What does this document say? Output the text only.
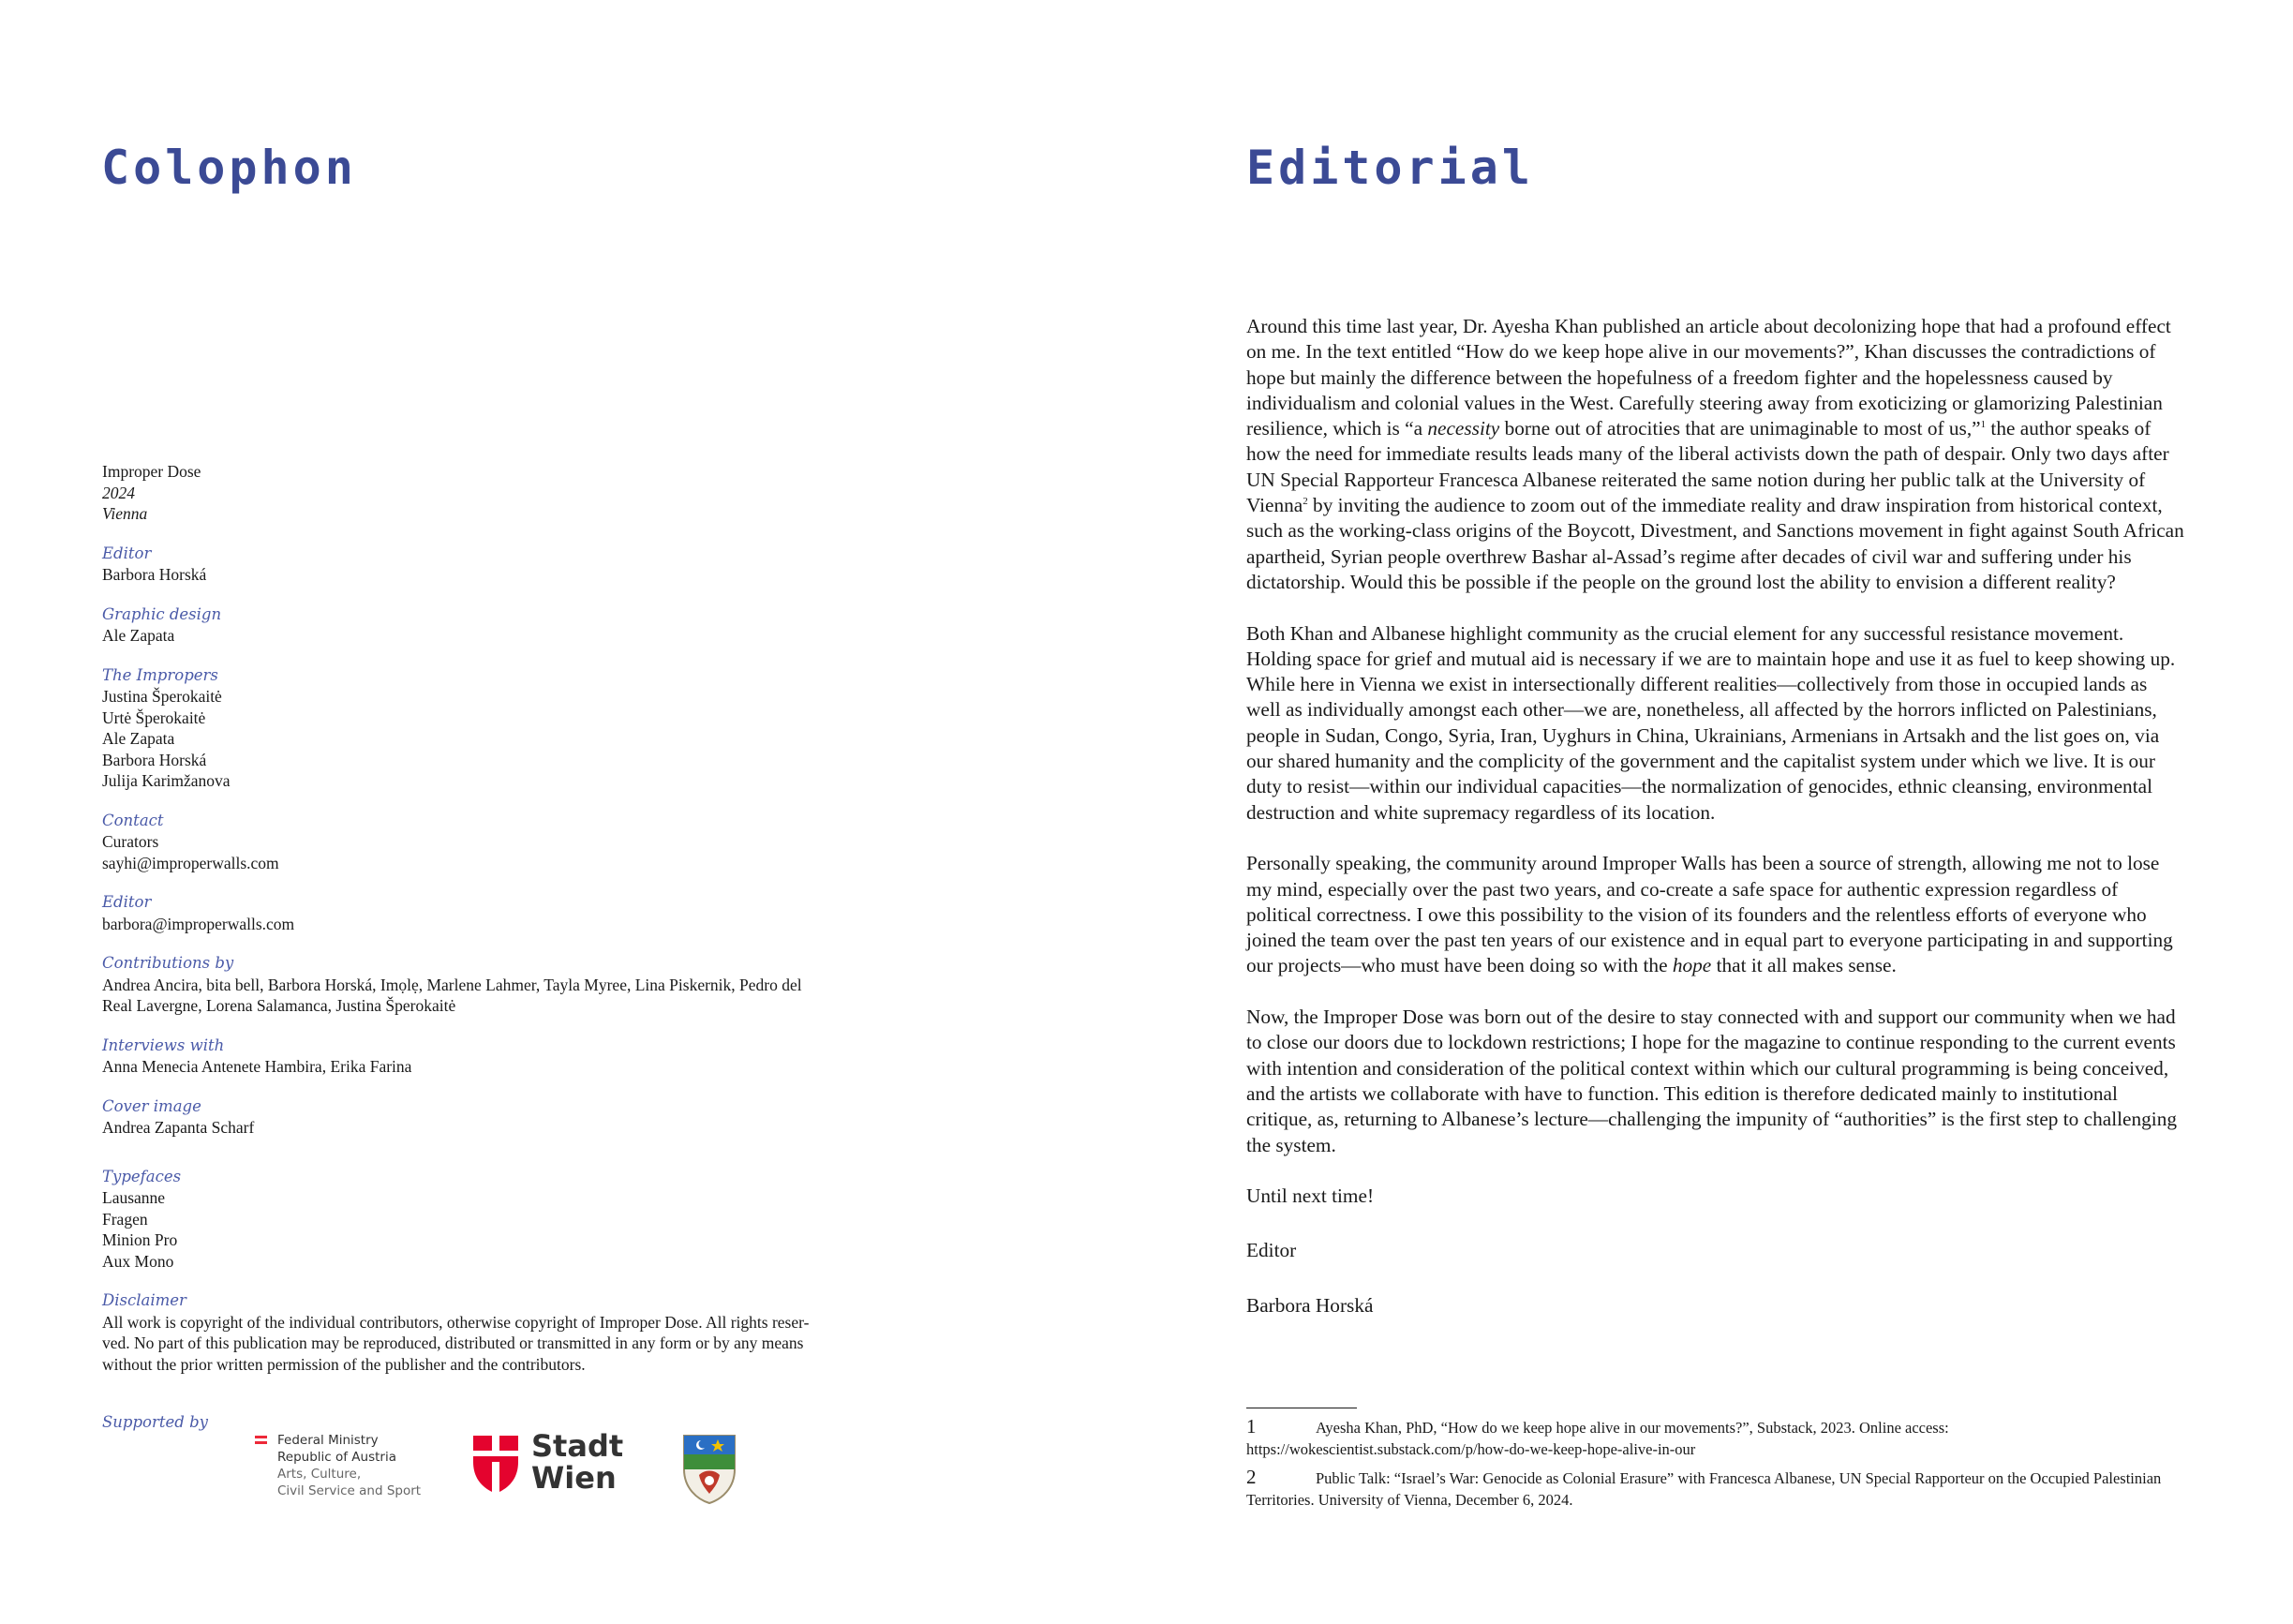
Colophon	Editorial
Improper Dose
2024
Vienna
Editor
Barbora Horská
Graphic design
Ale Zapata
The Impropers
Justina Šperokaitė
Urtė Šperokaitė
Ale Zapata
Barbora Horská
Julija Karimžanova
Contact
Curators
sayhi@improperwalls.com
Editor
barbora@improperwalls.com
Contributions by
Andrea Ancira, bita bell, Barbora Horská, Imọlẹ, Marlene Lahmer, Tayla Myree, Lina Piskernik, Pedro del
Real Lavergne, Lorena Salamanca, Justina Šperokaitė
Interviews with
Anna Menecia Antenete Hambira, Erika Farina
Cover image
Andrea Zapanta Scharf
Typefaces
Lausanne
Fragen
Minion Pro
Aux Mono
Disclaimer
All work is copyright of the individual contributors, otherwise copyright of Improper Dose. All rights reser-
ved. No part of this publication may be reproduced, distributed or transmitted in any form or by any means
without the prior written permission of the publisher and the contributors.
Supported by
Federal Ministry
Republic of Austria
Arts, Culture,
Civil Service and Sport
Stadt
Wien

Around this time last year, Dr. Ayesha Khan published an article about decolonizing hope that had a profound effect on me. In the text entitled “How do we keep hope alive in our movements?”, Khan discusses the contradictions of hope but mainly the difference between the hopefulness of a freedom fighter and the hopelessness caused by individualism and colonial values in the West. Carefully steering away from exoticizing or glamorizing Palestinian resilience, which is “a necessity borne out of atrocities that are unimaginable to most of us,”$^1$ the author speaks of how the need for immediate results leads many of the liberal activists down the path of despair. Only two days after UN Special Rapporteur Francesca Albanese reiterated the same notion during her public talk at the University of Vienna$^2$ by inviting the audience to zoom out of the immediate reality and draw inspiration from historical context, such as the working-class origins of the Boycott, Divestment, and Sanctions movement in fight against South African apartheid, Syrian people overthrew Bashar al-Assad’s regime after decades of civil war and suffering under his dictatorship. Would this be possible if the people on the ground lost the ability to envision a different reality?

Both Khan and Albanese highlight community as the crucial element for any successful resistance movement. Holding space for grief and mutual aid is necessary if we are to maintain hope and use it as fuel to keep showing up. While here in Vienna we exist in intersectionally different realities—collectively from those in occupied lands as well as individually amongst each other—we are, nonetheless, all affected by the horrors inflicted on Palestinians, people in Sudan, Congo, Syria, Iran, Uyghurs in China, Ukrainians, Armenians in Artsakh and the list goes on, via our shared humanity and the complicity of the government and the capitalist system under which we live. It is our duty to resist—within our individual capacities—the normalization of genocides, ethnic cleansing, environmental destruction and white supremacy regardless of its location.

Personally speaking, the community around Improper Walls has been a source of strength, allowing me not to lose my mind, especially over the past two years, and co-create a safe space for authentic expression regardless of political correctness. I owe this possibility to the vision of its founders and the relentless efforts of everyone who joined the team over the past ten years of our existence and in equal part to everyone participating in and supporting our projects—who must have been doing so with the hope that it all makes sense.

Now, the Improper Dose was born out of the desire to stay connected with and support our community when we had to close our doors due to lockdown restrictions; I hope for the magazine to continue responding to the current events with intention and consideration of the political context within which our cultural programming is being conceived, and the artists we collaborate with have to function. This edition is therefore dedicated mainly to institutional critique, as, returning to Albanese’s lecture—challenging the impunity of “authorities” is the first step to challenging the system.

Until next time!

Editor

Barbora Horská

1	Ayesha Khan, PhD, “How do we keep hope alive in our movements?”, Substack, 2023. Online access: https://wokescientist.substack.com/p/how-do-we-keep-hope-alive-in-our
2	Public Talk: “Israel’s War: Genocide as Colonial Erasure” with Francesca Albanese, UN Special Rapporteur on the Occupied Palestinian Territories. University of Vienna, December 6, 2024.
